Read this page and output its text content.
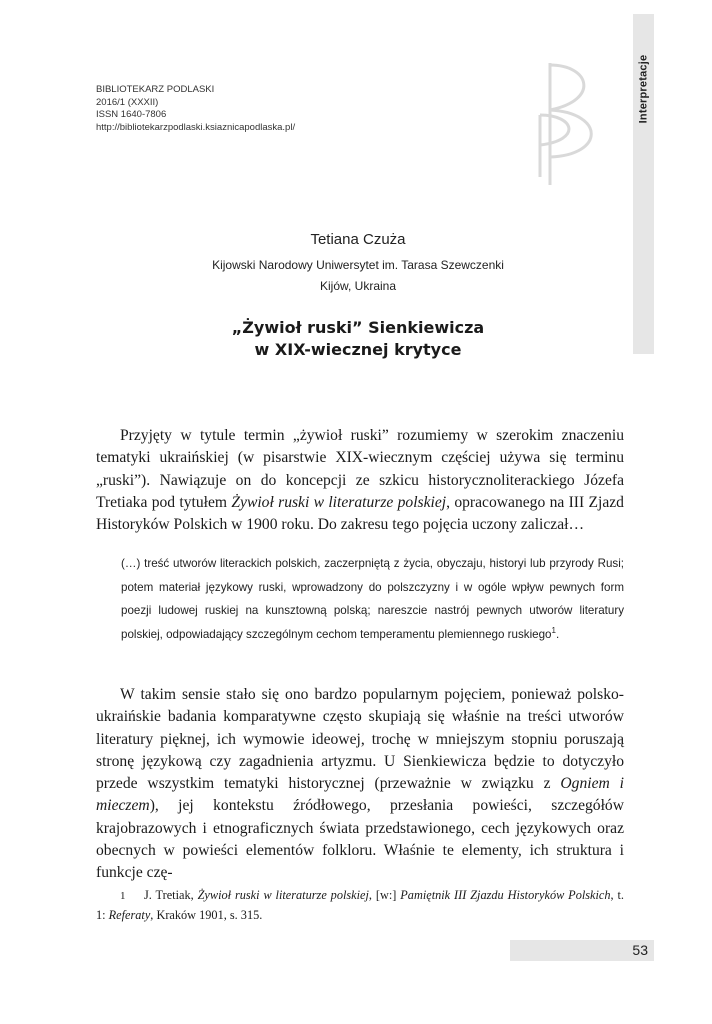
BIBLIOTEKARZ PODLASKI
2016/1 (XXXII)
ISSN 1640-7806
http://bibliotekarzpodlaski.ksiaznicapodlaska.pl/
Interpretacje
Tetiana Czuża
Kijowski Narodowy Uniwersytet im. Tarasa Szewczenki
Kijów, Ukraina
„Żywioł ruski” Sienkiewicza
w XIX-wiecznej krytyce

Przyjęty w tytule termin „żywioł ruski” rozumiemy w szerokim znaczeniu tematyki ukraińskiej (w pisarstwie XIX-wiecznym częściej używa się terminu „ruski”). Nawiązuje on do koncepcji ze szkicu historycznoliterackiego Józefa Tretiaka pod tytułem Żywioł ruski w literaturze polskiej, opracowanego na III Zjazd Historyków Polskich w 1900 roku. Do zakresu tego pojęcia uczony zaliczał…

(…) treść utworów literackich polskich, zaczerpniętą z życia, obyczaju, historyi lub przyrody Rusi; potem materiał językowy ruski, wprowadzony do polszczyzny i w ogóle wpływ pewnych form poezji ludowej ruskiej na kunsztowną polską; nareszcie nastrój pewnych utworów literatury polskiej, odpowiadający szczególnym cechom temperamentu plemiennego ruskiego$^1$.

W takim sensie stało się ono bardzo popularnym pojęciem, ponieważ polsko-ukraińskie badania komparatywne często skupiają się właśnie na treści utworów literatury pięknej, ich wymowie ideowej, trochę w mniejszym stopniu poruszają stronę językową czy zagadnienia artyzmu. U Sienkiewicza będzie to dotyczyło przede wszystkim tematyki historycznej (przeważnie w związku z Ogniem i mieczem), jej kontekstu źródłowego, przesłania powieści, szczegółów krajobrazowych i etnograficznych świata przedstawionego, cech językowych oraz obecnych w powieści elementów folkloru. Właśnie te elementy, ich struktura i funkcje czę-

1 J. Tretiak, Żywioł ruski w literaturze polskiej, [w:] Pamiętnik III Zjazdu Historyków Polskich, t. 1: Referaty, Kraków 1901, s. 315.
53
